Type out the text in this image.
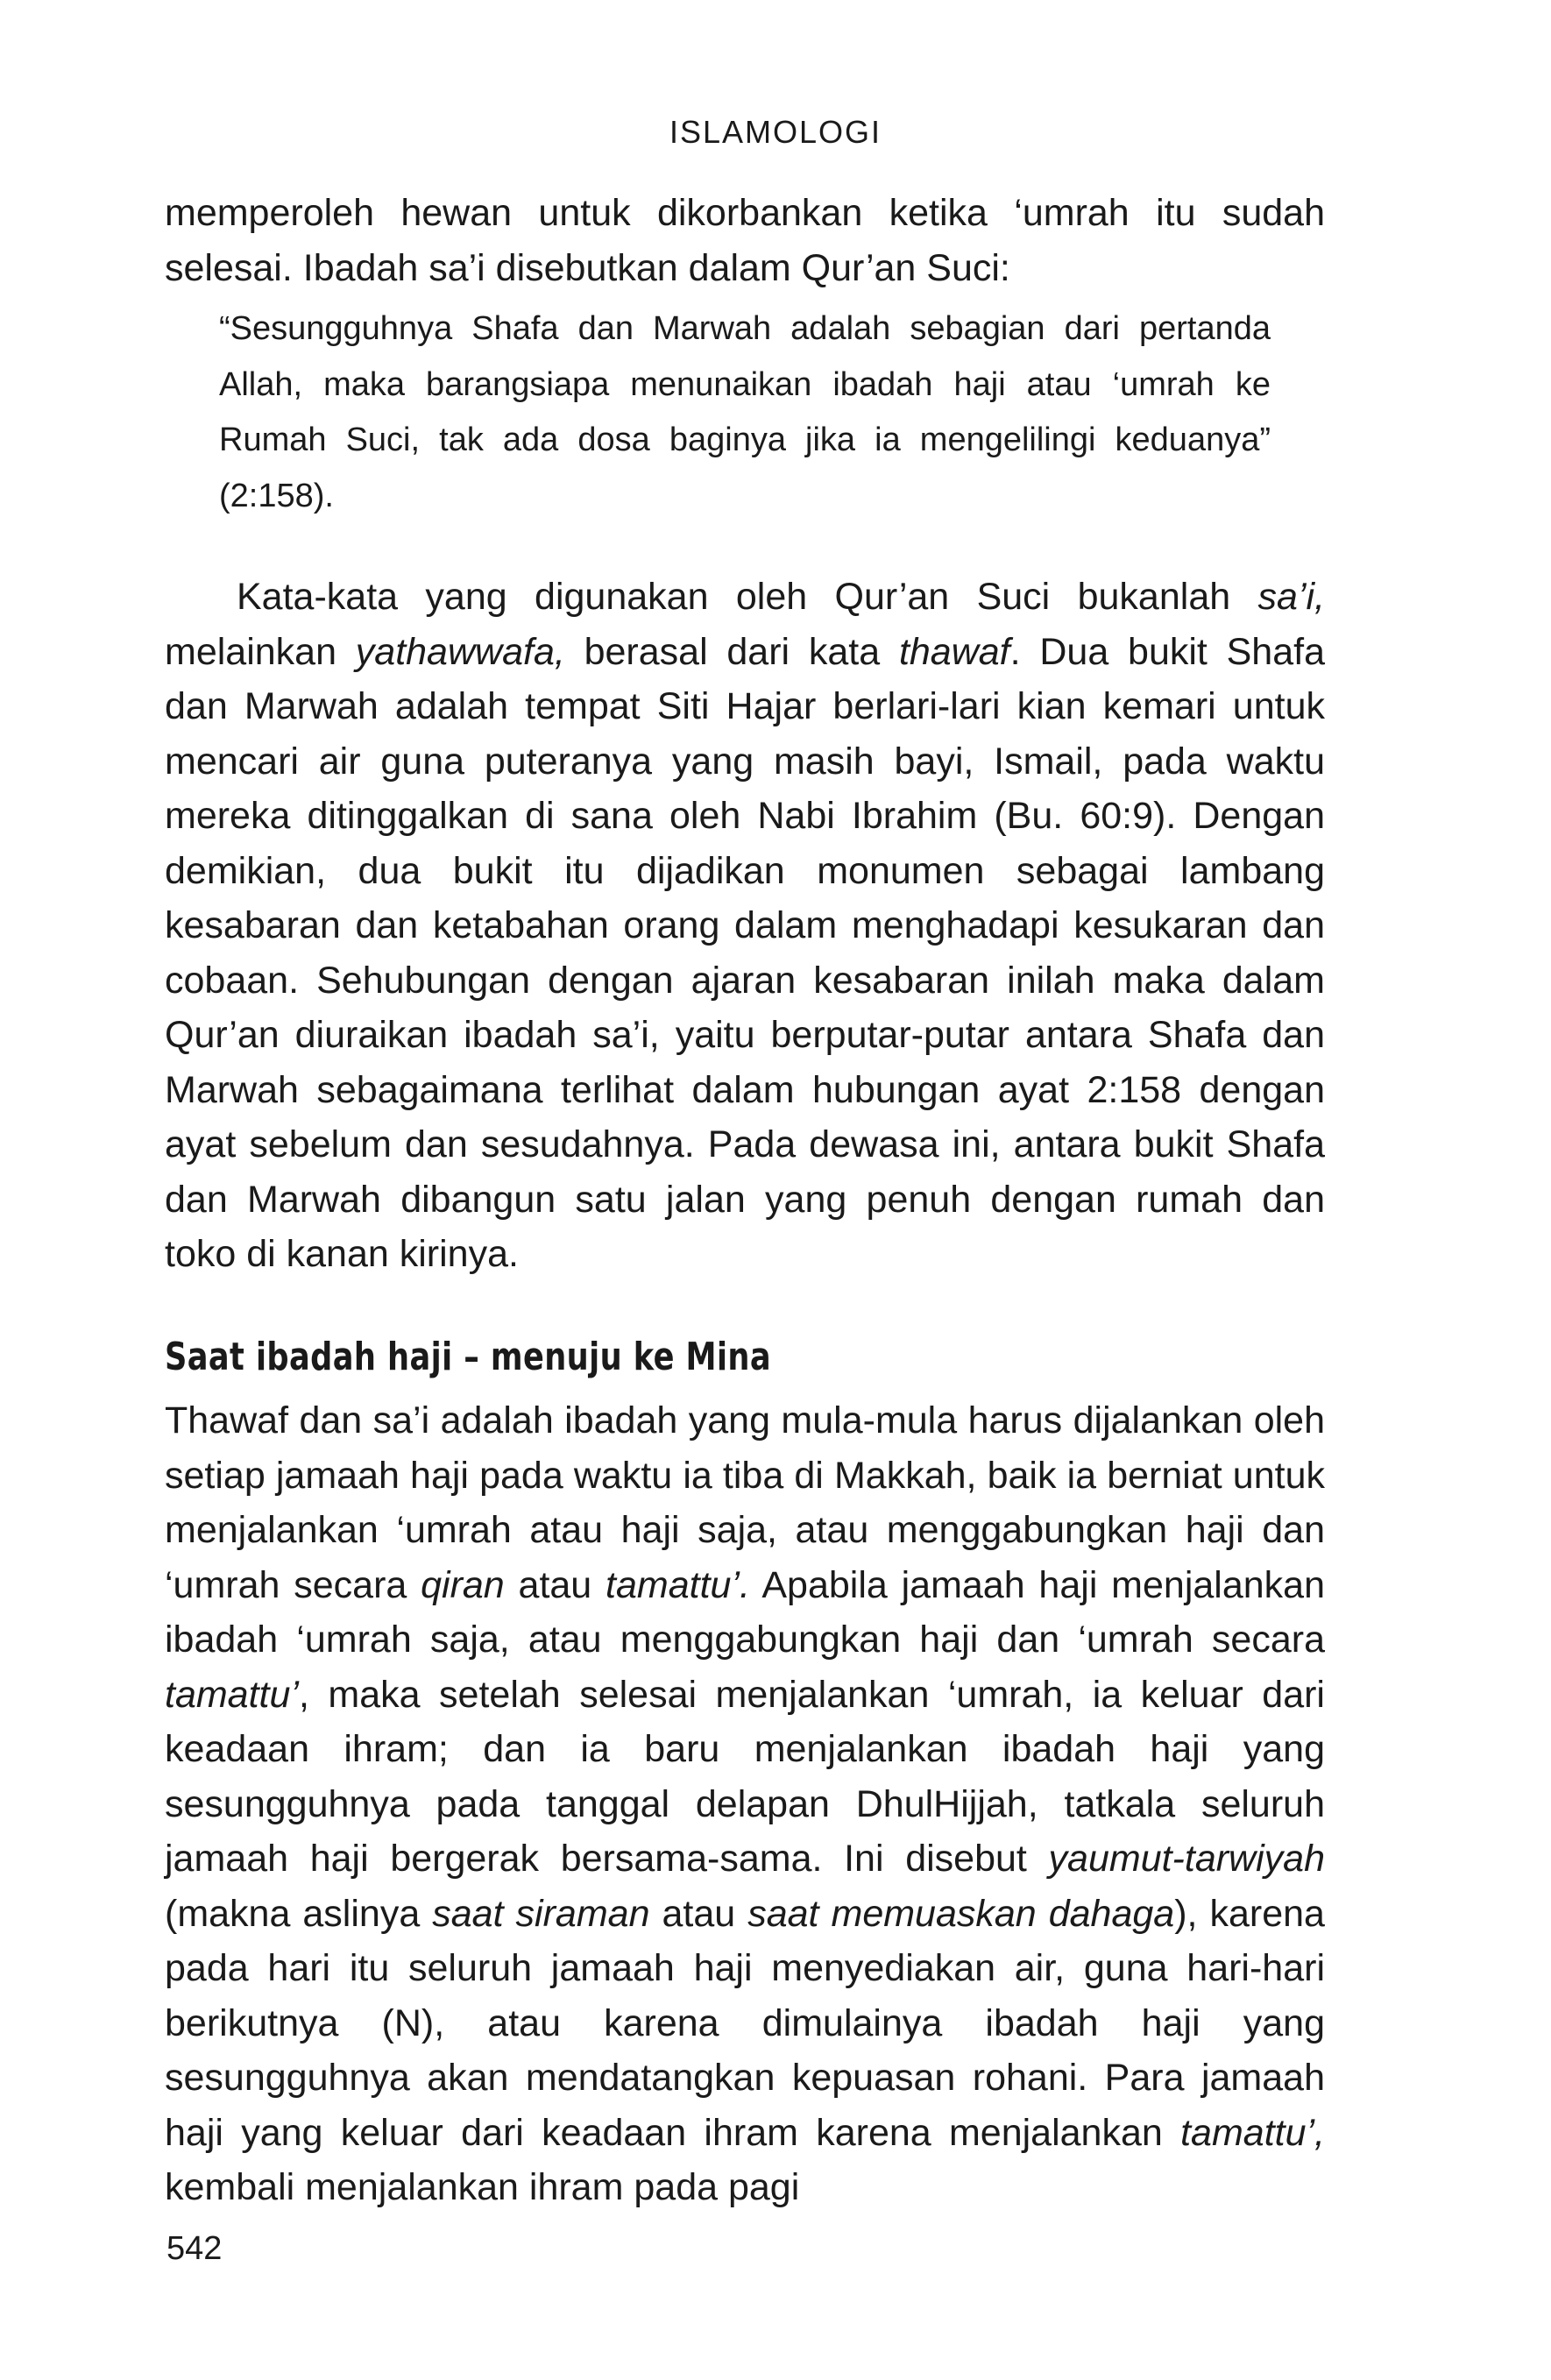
ISLAMOLOGI

memperoleh hewan untuk dikorbankan ketika ‘umrah itu sudah selesai. Ibadah sa’i disebutkan dalam Qur’an Suci:

“Sesungguhnya Shafa dan Marwah adalah sebagian dari pertanda Allah, maka barangsiapa menunaikan ibadah haji atau ‘umrah ke Rumah Suci, tak ada dosa baginya jika ia mengelilingi keduanya” (2:158).

Kata-kata yang digunakan oleh Qur’an Suci bukanlah sa’i, melainkan yathawwafa, berasal dari kata thawaf. Dua bukit Shafa dan Marwah adalah tempat Siti Hajar berlari-lari kian kemari untuk mencari air guna puteranya yang masih bayi, Ismail, pada waktu mereka ditinggalkan di sana oleh Nabi Ibrahim (Bu. 60:9). Dengan demikian, dua bukit itu dijadikan monumen sebagai lambang kesabaran dan ketabahan orang dalam menghadapi kesukaran dan cobaan. Sehubungan dengan ajaran kesabaran inilah maka dalam Qur’an diuraikan ibadah sa’i, yaitu berputar-putar antara Shafa dan Marwah sebagaimana terlihat dalam hubungan ayat 2:158 dengan ayat sebelum dan sesudahnya. Pada dewasa ini, antara bukit Shafa dan Marwah dibangun satu jalan yang penuh dengan rumah dan toko di kanan kirinya.

Saat ibadah haji – menuju ke Mina

Thawaf dan sa’i adalah ibadah yang mula-mula harus dijalankan oleh setiap jamaah haji pada waktu ia tiba di Makkah, baik ia berniat untuk menjalankan ‘umrah atau haji saja, atau menggabungkan haji dan ‘umrah secara qiran atau tamattu’. Apabila jamaah haji menjalankan ibadah ‘umrah saja, atau menggabungkan haji dan ‘umrah secara tamattu’, maka setelah selesai menjalankan ‘umrah, ia keluar dari keadaan ihram; dan ia baru menjalankan ibadah haji yang sesungguhnya pada tanggal delapan DhulHijjah, tatkala seluruh jamaah haji bergerak bersama-sama. Ini disebut yaumut-tarwiyah (makna aslinya saat siraman atau saat memuaskan dahaga), karena pada hari itu seluruh jamaah haji menyediakan air, guna hari-hari berikutnya (N), atau karena dimulainya ibadah haji yang sesungguhnya akan mendatangkan kepuasan rohani. Para jamaah haji yang keluar dari keadaan ihram karena menjalankan tamattu’, kembali menjalankan ihram pada pagi

542
